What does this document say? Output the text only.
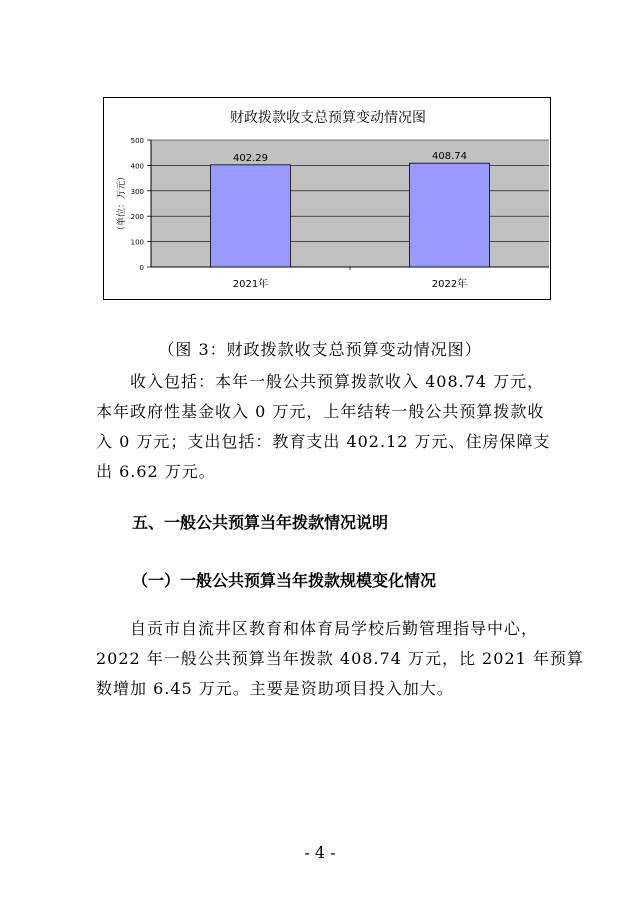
财政拨款收支总预算变动情况图
0
100
200
300
400
500
（单位：万元）
402.29
2021年
408.74
2022年
（图 3：财政拨款收支总预算变动情况图）
收入包括：本年一般公共预算拨款收入 408.74 万元，
本年政府性基金收入 0 万元，上年结转一般公共预算拨款收
入 0 万元；支出包括：教育支出 402.12 万元、住房保障支
出 6.62 万元。
五、一般公共预算当年拨款情况说明
（一）一般公共预算当年拨款规模变化情况
自贡市自流井区教育和体育局学校后勤管理指导中心，
2022 年一般公共预算当年拨款 408.74 万元，比 2021 年预算
数增加 6.45 万元。主要是资助项目投入加大。
- 4 -
